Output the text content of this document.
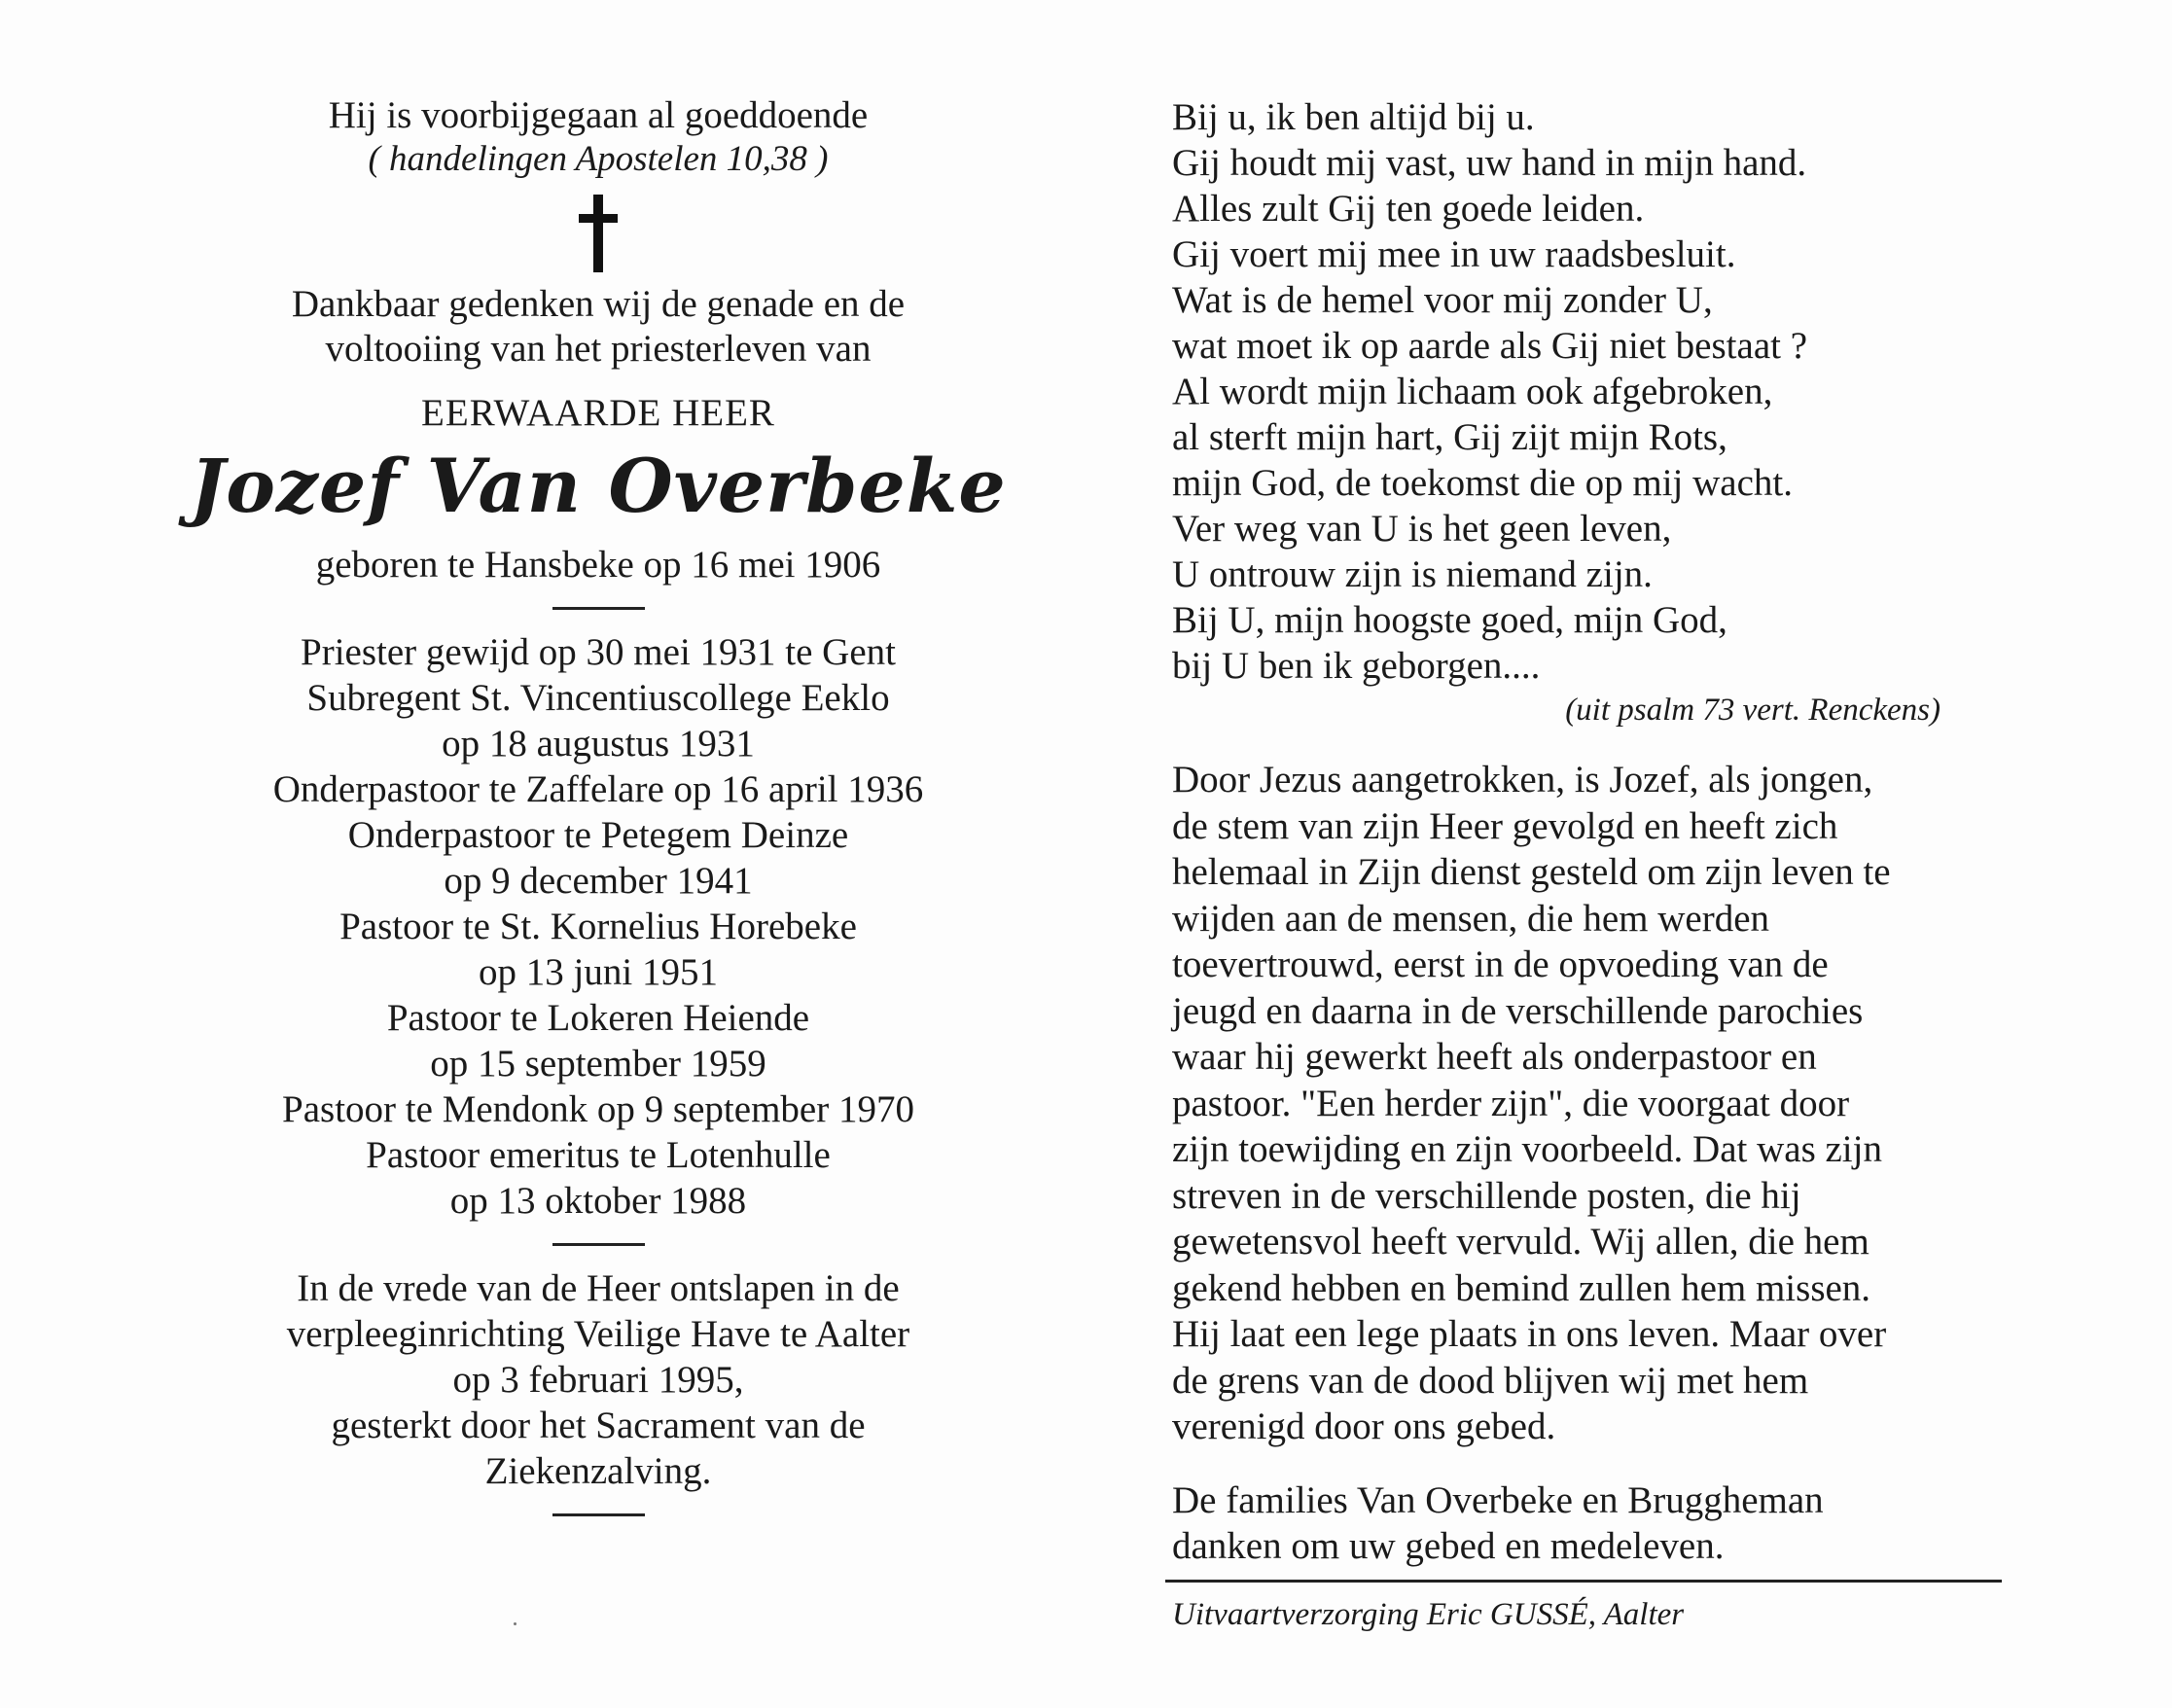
Hij is voorbijgegaan al goeddoende
( handelingen Apostelen 10,38 )
Dankbaar gedenken wij de genade en de
voltooiing van het priesterleven van
EERWAARDE HEER
Jozef Van Overbeke
geboren te Hansbeke op 16 mei 1906
Priester gewijd op 30 mei 1931 te Gent
Subregent St. Vincentiuscollege Eeklo
op 18 augustus 1931
Onderpastoor te Zaffelare op 16 april 1936
Onderpastoor te Petegem Deinze
op 9 december 1941
Pastoor te St. Kornelius Horebeke
op 13 juni 1951
Pastoor te Lokeren Heiende
op 15 september 1959
Pastoor te Mendonk op 9 september 1970
Pastoor emeritus te Lotenhulle
op 13 oktober 1988
In de vrede van de Heer ontslapen in de
verpleeginrichting Veilige Have te Aalter
op 3 februari 1995,
gesterkt door het Sacrament van de
Ziekenzalving.
Bij u, ik ben altijd bij u.
Gij houdt mij vast, uw hand in mijn hand.
Alles zult Gij ten goede leiden.
Gij voert mij mee in uw raadsbesluit.
Wat is de hemel voor mij zonder U,
wat moet ik op aarde als Gij niet bestaat ?
Al wordt mijn lichaam ook afgebroken,
al sterft mijn hart, Gij zijt mijn Rots,
mijn God, de toekomst die op mij wacht.
Ver weg van U is het geen leven,
U ontrouw zijn is niemand zijn.
Bij U, mijn hoogste goed, mijn God,
bij U ben ik geborgen....
(uit psalm 73 vert. Renckens)
Door Jezus aangetrokken, is Jozef, als jongen,
de stem van zijn Heer gevolgd en heeft zich
helemaal in Zijn dienst gesteld om zijn leven te
wijden aan de mensen, die hem werden
toevertrouwd, eerst in de opvoeding van de
jeugd en daarna in de verschillende parochies
waar hij gewerkt heeft als onderpastoor en
pastoor. "Een herder zijn", die voorgaat door
zijn toewijding en zijn voorbeeld. Dat was zijn
streven in de verschillende posten, die hij
gewetensvol heeft vervuld. Wij allen, die hem
gekend hebben en bemind zullen hem missen.
Hij laat een lege plaats in ons leven. Maar over
de grens van de dood blijven wij met hem
verenigd door ons gebed.
De families Van Overbeke en Bruggheman
danken om uw gebed en medeleven.
Uitvaartverzorging Eric GUSSÉ, Aalter
